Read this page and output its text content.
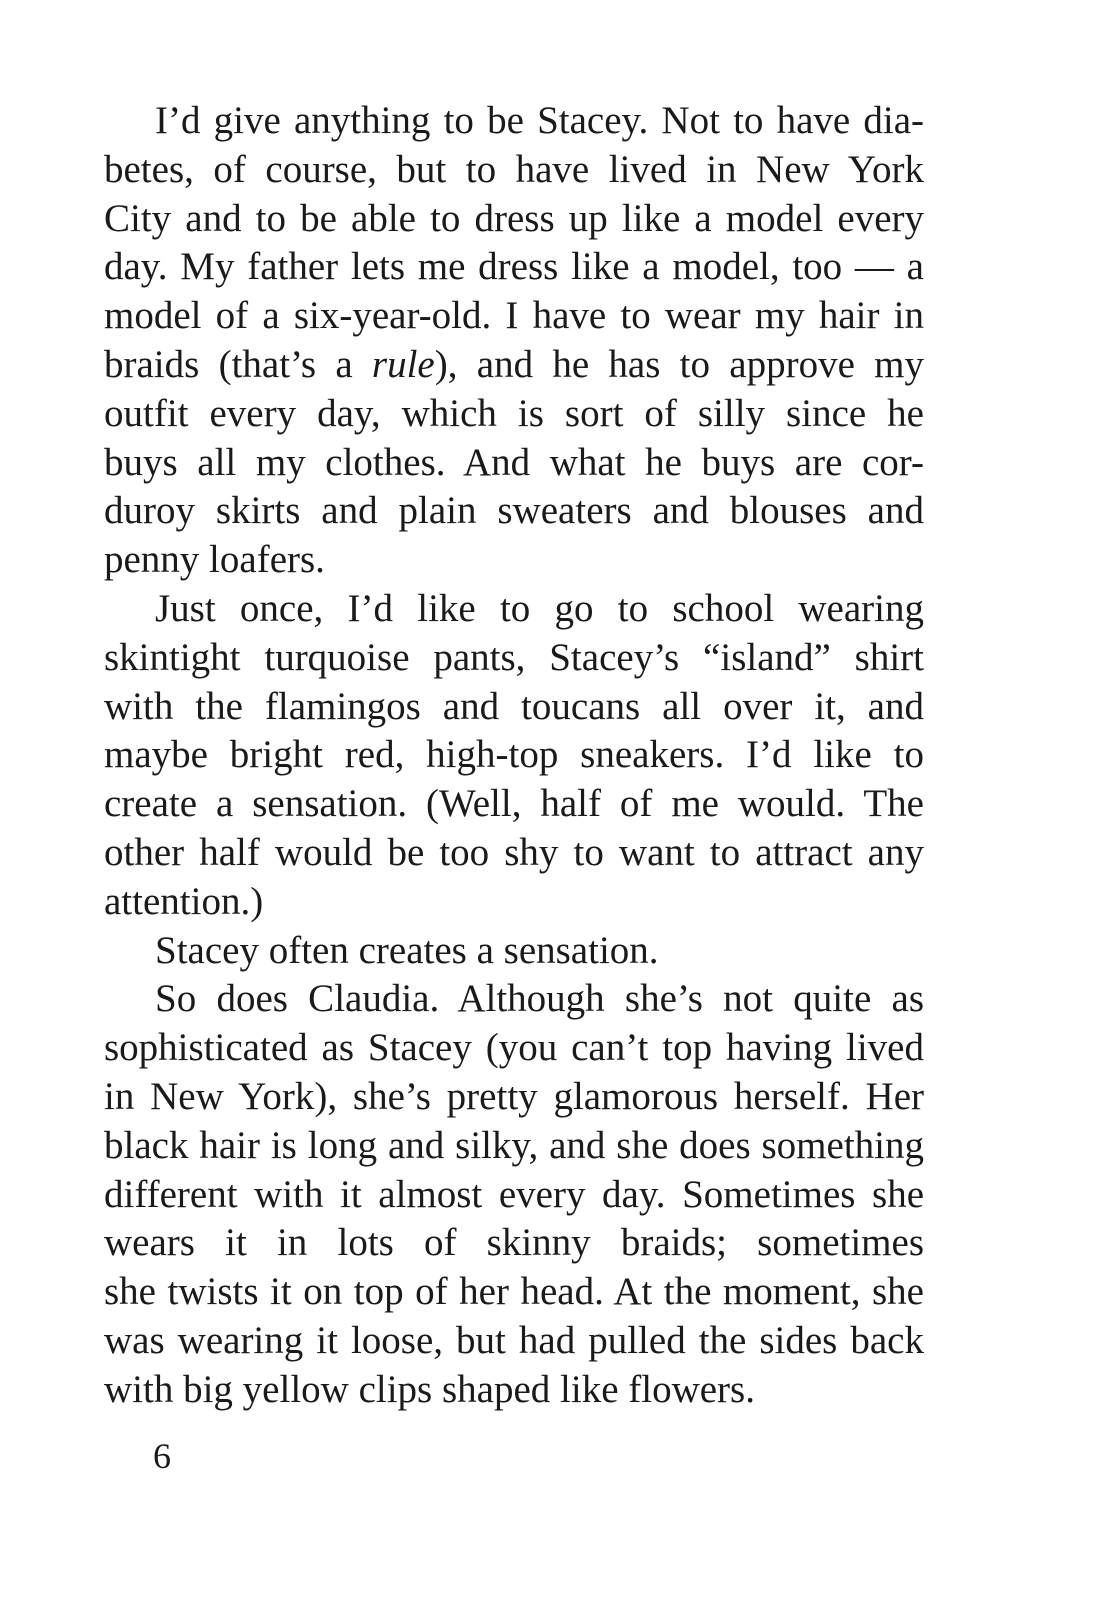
I’d give anything to be Stacey. Not to have dia-
betes, of course, but to have lived in New York
City and to be able to dress up like a model every
day. My father lets me dress like a model, too — a
model of a six-year-old. I have to wear my hair in
braids (that’s a rule), and he has to approve my
outfit every day, which is sort of silly since he
buys all my clothes. And what he buys are cor-
duroy skirts and plain sweaters and blouses and
penny loafers.
Just once, I’d like to go to school wearing
skintight turquoise pants, Stacey’s “island” shirt
with the flamingos and toucans all over it, and
maybe bright red, high-top sneakers. I’d like to
create a sensation. (Well, half of me would. The
other half would be too shy to want to attract any
attention.)
Stacey often creates a sensation.
So does Claudia. Although she’s not quite as
sophisticated as Stacey (you can’t top having lived
in New York), she’s pretty glamorous herself. Her
black hair is long and silky, and she does something
different with it almost every day. Sometimes she
wears it in lots of skinny braids; sometimes
she twists it on top of her head. At the moment, she
was wearing it loose, but had pulled the sides back
with big yellow clips shaped like flowers.
6
